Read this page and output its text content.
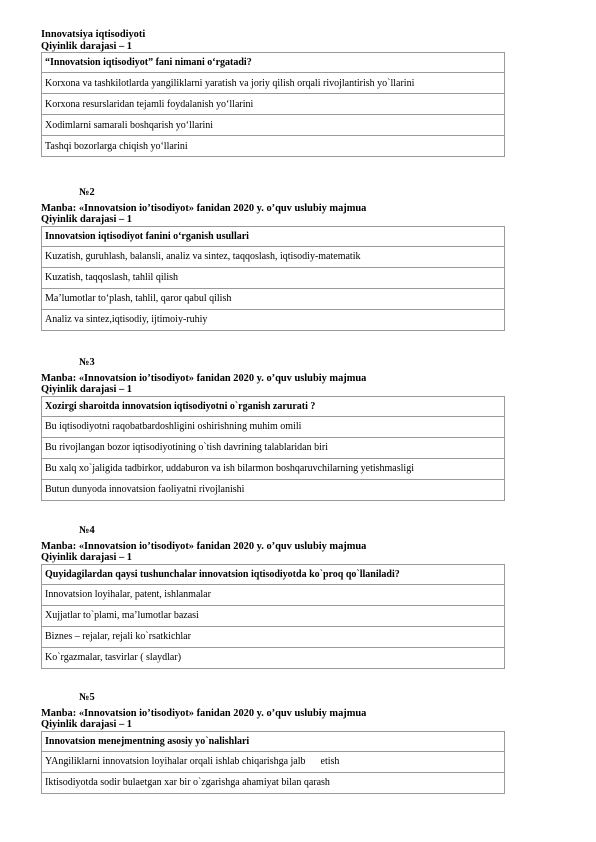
Innovatsiya iqtisodiyoti
Qiyinlik darajasi – 1
“Innovatsion iqtisodiyot” fani nimani o‘rgatadi?
Korxona va tashkilotlarda yangiliklarni yaratish va joriy qilish orqali rivojlantirish yo`llarini
Korxona resurslaridan tejamli foydalanish yo‘llarini
Xodimlarni samarali boshqarish yo‘llarini
Tashqi bozorlarga chiqish yo‘llarini
№2
Manba: «Innovatsion io’tisodiyot» fanidan 2020 y. o’quv uslubiy majmua
Qiyinlik darajasi – 1
Innovatsion iqtisodiyot fanini o‘rganish usullari
Kuzatish, guruhlash, balansli, analiz va sintez, taqqoslash, iqtisodiy-matematik
Kuzatish, taqqoslash, tahlil qilish
Ma’lumotlar to‘plash, tahlil, qaror qabul qilish
Analiz va sintez,iqtisodiy, ijtimoiy-ruhiy
№3
Manba: «Innovatsion io’tisodiyot» fanidan 2020 y. o’quv uslubiy majmua
Qiyinlik darajasi – 1
Xozirgi sharoitda innovatsion iqtisodiyotni o`rganish zarurati ?
Bu iqtisodiyotni raqobatbardoshligini oshirishning muhim omili
Bu rivojlangan bozor iqtisodiyotining o`tish davrining talablaridan biri
Bu xalq xo`jaligida tadbirkor, uddaburon va ish bilarmon boshqaruvchilarning yetishmasligi
Butun dunyoda innovatsion faoliyatni rivojlanishi
№4
Manba: «Innovatsion io’tisodiyot» fanidan 2020 y. o’quv uslubiy majmua
Qiyinlik darajasi – 1
Quyidagilardan qaysi tushunchalar innovatsion iqtisodiyotda ko`proq qo`llaniladi?
Innovatsion loyihalar, patent, ishlanmalar
Xujjatlar to`plami, ma’lumotlar bazasi
Biznes – rejalar, rejali ko`rsatkichlar
Ko`rgazmalar, tasvirlar ( slaydlar)
№5
Manba: «Innovatsion io’tisodiyot» fanidan 2020 y. o’quv uslubiy majmua
Qiyinlik darajasi – 1
Innovatsion menejmentning asosiy yo`nalishlari
YAngiliklarni innovatsion loyihalar orqali ishlab chiqarishga jalb      etish
Iktisodiyotda sodir bulaetgan xar bir o`zgarishga ahamiyat bilan qarash
